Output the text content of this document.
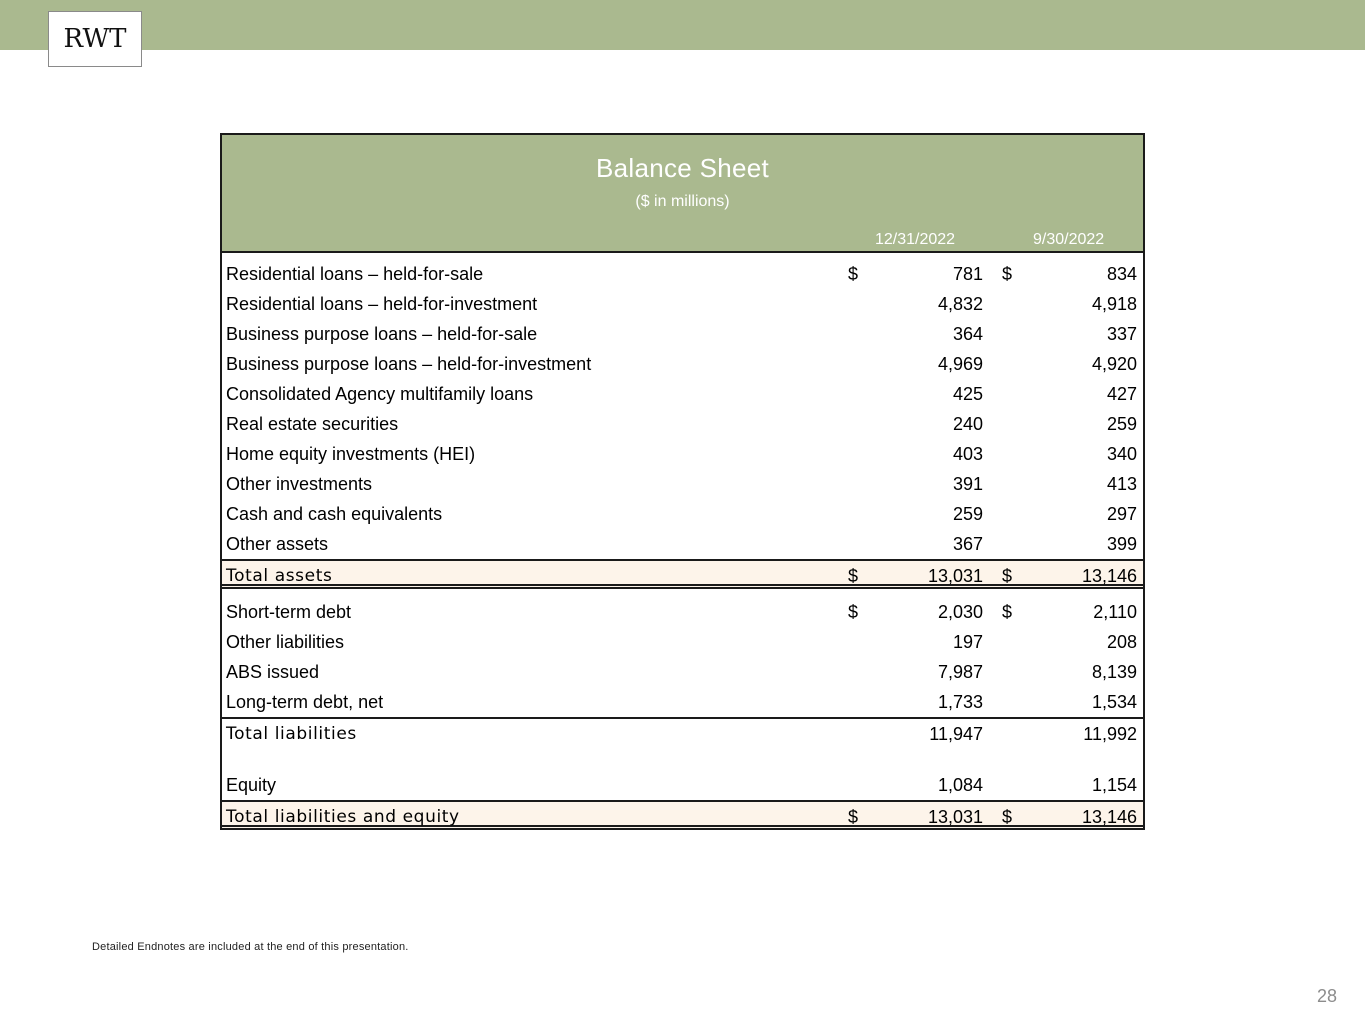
RWT
Balance Sheet
($ in millions)
12/31/2022	9/30/2022
Residential loans – held-for-sale	$	781 $	834
Residential loans – held-for-investment	4,832	4,918
Business purpose loans – held-for-sale	364	337
Business purpose loans – held-for-investment	4,969	4,920
Consolidated Agency multifamily loans	425	427
Real estate securities	240	259
Home equity investments (HEI)	403	340
Other investments	391	413
Cash and cash equivalents	259	297
Other assets	367	399
Total assets	$	13,031 $	13,146
Short-term debt	$	2,030 $	2,110
Other liabilities	197	208
ABS issued	7,987	8,139
Long-term debt, net	1,733	1,534
Total liabilities	11,947	11,992
Equity	1,084	1,154
Total liabilities and equity	$	13,031 $	13,146
Detailed Endnotes are included at the end of this presentation.
28
